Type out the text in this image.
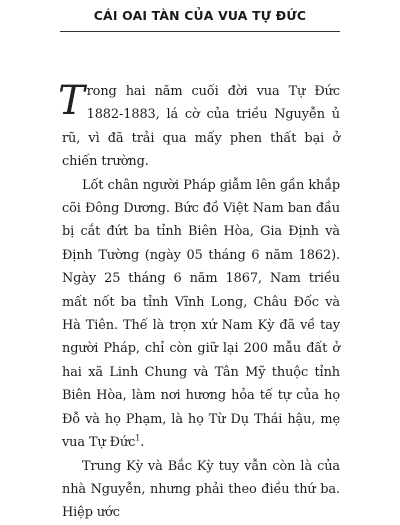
CÁI OAI TÀN CỦA VUA TỰ ĐỨC

Trong hai năm cuối đời vua Tự Đức 1882-1883, lá cờ của triều Nguyễn ủ rũ, vì đã trải qua mấy phen thất bại ở chiến trường.

Lốt chân người Pháp giẫm lên gần khắp cõi Đông Dương. Bức đồ Việt Nam ban đầu bị cắt đứt ba tỉnh Biên Hòa, Gia Định và Định Tường (ngày 05 tháng 6 năm 1862). Ngày 25 tháng 6 năm 1867, Nam triều mất nốt ba tỉnh Vĩnh Long, Châu Đốc và Hà Tiên. Thế là trọn xứ Nam Kỳ đã về tay người Pháp, chỉ còn giữ lại 200 mẫu đất ở hai xã Linh Chung và Tân Mỹ thuộc tỉnh Biên Hòa, làm nơi hương hỏa tế tự của họ Đỗ và họ Phạm, là họ Từ Dụ Thái hậu, mẹ vua Tự Đức$^1$.

Trung Kỳ và Bắc Kỳ tuy vẫn còn là của nhà Nguyễn, nhưng phải theo điều thứ ba. Hiệp ước
